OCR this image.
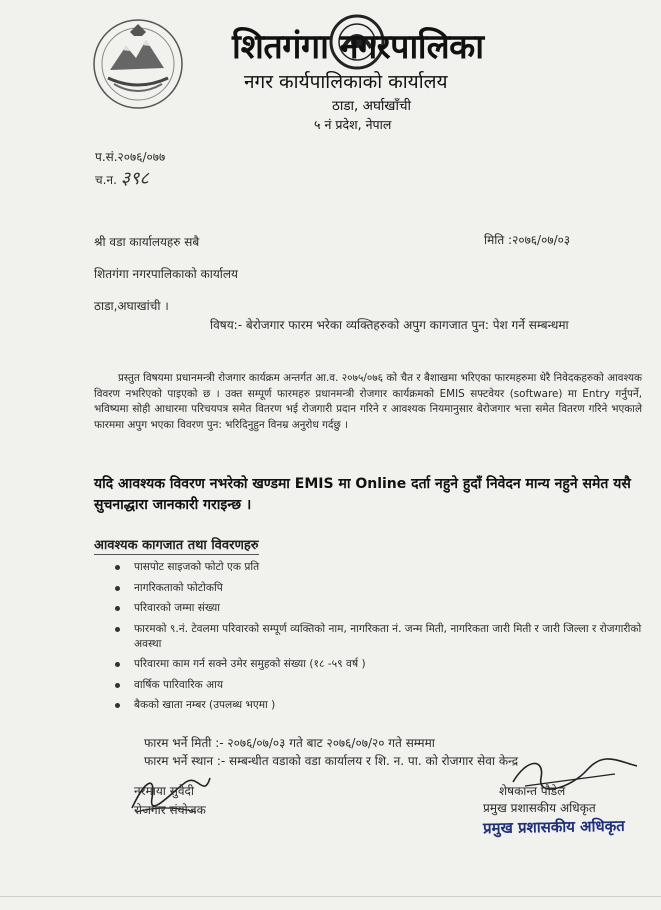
शितगंगा नगरपालिका
नगर कार्यपालिकाको कार्यालय
ठाडा, अर्घाखाँची
५ नं प्रदेश, नेपाल
प.सं.२०७६/०७७
च.न. ३९८
श्री वडा कार्यालयहरु सबै	मिति :२०७६/०७/०३
शितगंगा नगरपालिकाको कार्यालय
ठाडा,अघाखांची ।
विषय:- बेरोजगार फारम भरेका व्यक्तिहरुको अपुग कागजात पुन: पेश गर्ने सम्बन्धमा
प्रस्तुत विषयमा प्रधानमन्त्री रोजगार कार्यक्रम अन्तर्गत आ.व. २०७५/०७६ को चैत र बैशाखमा भरिएका फारमहरुमा धेरै निवेदकहरुको आवश्यक विवरण नभरिएको पाइएको छ । उक्त सम्पूर्ण फारमहरु प्रधानमन्त्री रोजगार कार्यक्रमको EMIS सफ्टवेयर (software) मा Entry गर्नुपर्ने, भविष्यमा सोही आधारमा परिचयपत्र समेत वितरण भई रोजगारी प्रदान गरिने र आवश्यक नियमानुसार बेरोजगार भत्ता समेत वितरण गरिने भएकाले फारममा अपुग भएका विवरण पुन: भरिदिनुहुन विनम्र अनुरोध गर्दछु ।
यदि आवश्यक विवरण नभरेको खण्डमा EMIS मा Online दर्ता नहुने हुदाँ निवेदन मान्य नहुने समेत यसै सुचनाद्धारा जानकारी गराइन्छ ।
आवश्यक कागजात तथा विवरणहरु
पासपोट साइजको फोटो एक प्रति
नागरिकताको फोटोकपि
परिवारको जम्मा संख्या
फारमको ९.नं. टेवलमा परिवारको सम्पूर्ण व्यक्तिको नाम, नागरिकता नं. जन्म मिती, नागरिकता जारी मिती र जारी जिल्ला र रोजगारीको अवस्था
परिवारमा काम गर्न सक्ने उमेर समुहको संख्या (१८ -५९ वर्ष )
वार्षिक पारिवारिक आय
बैकको खाता नम्बर (उपलब्ध भएमा )
फारम भर्ने मिती :- २०७६/०७/०३ गते बाट २०७६/०७/२० गते सम्ममा
फारम भर्ने स्थान :- सम्बन्धीत वडाको वडा कार्यालय र शि. न. पा. को रोजगार सेवा केन्द्र
नरमाया सुवेदी
रोजगार संयोजक
शेषकान्त पौडेल
प्रमुख प्रशासकीय अधिकृत
प्रमुख प्रशासकीय अधिकृत
